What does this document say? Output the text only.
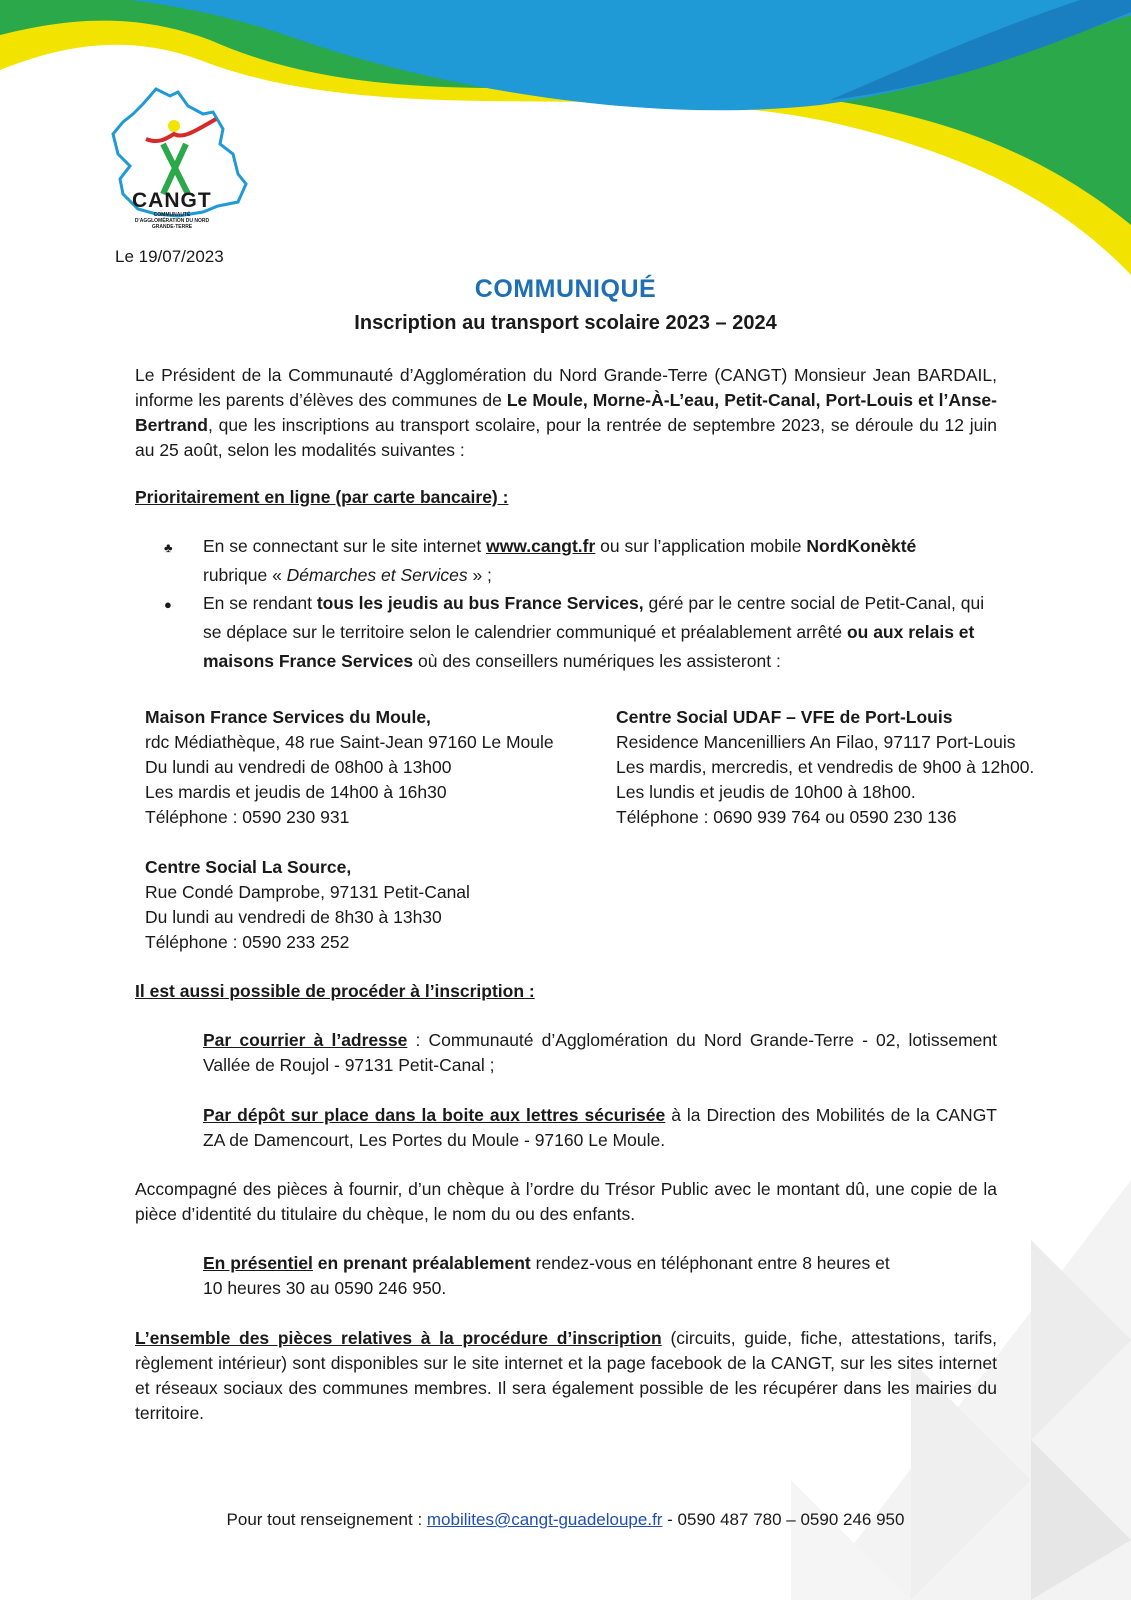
CANGT
COMMUNAUTÉ D'AGGLOMÉRATION DU NORD GRANDE-TERRE
Le 19/07/2023
COMMUNIQUÉ
Inscription au transport scolaire 2023 – 2024
Le Président de la Communauté d’Agglomération du Nord Grande-Terre (CANGT) Monsieur Jean BARDAIL, informe les parents d’élèves des communes de Le Moule, Morne-À-L’eau, Petit-Canal, Port-Louis et l’Anse-Bertrand, que les inscriptions au transport scolaire, pour la rentrée de septembre 2023, se déroule du 12 juin au 25 août, selon les modalités suivantes :
Prioritairement en ligne (par carte bancaire) :
♣ En se connectant sur le site internet www.cangt.fr ou sur l’application mobile NordKonèkté
rubrique « Démarches et Services » ;
● En se rendant tous les jeudis au bus France Services, géré par le centre social de Petit-Canal, qui se déplace sur le territoire selon le calendrier communiqué et préalablement arrêté ou aux relais et maisons France Services où des conseillers numériques les assisteront :
Maison France Services du Moule,
rdc Médiathèque, 48 rue Saint-Jean 97160 Le Moule
Du lundi au vendredi de 08h00 à 13h00
Les mardis et jeudis de 14h00 à 16h30
Téléphone : 0590 230 931
Centre Social UDAF – VFE de Port-Louis
Residence Mancenilliers An Filao, 97117 Port-Louis
Les mardis, mercredis, et vendredis de 9h00 à 12h00.
Les lundis et jeudis de 10h00 à 18h00.
Téléphone : 0690 939 764 ou 0590 230 136
Centre Social La Source,
Rue Condé Damprobe, 97131 Petit-Canal
Du lundi au vendredi de 8h30 à 13h30
Téléphone : 0590 233 252
Il est aussi possible de procéder à l’inscription :
Par courrier à l’adresse : Communauté d’Agglomération du Nord Grande-Terre - 02, lotissement Vallée de Roujol - 97131 Petit-Canal ;
Par dépôt sur place dans la boite aux lettres sécurisée à la Direction des Mobilités de la CANGT ZA de Damencourt, Les Portes du Moule - 97160 Le Moule.
Accompagné des pièces à fournir, d’un chèque à l’ordre du Trésor Public avec le montant dû, une copie de la pièce d’identité du titulaire du chèque, le nom du ou des enfants.
En présentiel en prenant préalablement rendez-vous en téléphonant entre 8 heures et
10 heures 30 au 0590 246 950.
L’ensemble des pièces relatives à la procédure d’inscription (circuits, guide, fiche, attestations, tarifs, règlement intérieur) sont disponibles sur le site internet et la page facebook de la CANGT, sur les sites internet et réseaux sociaux des communes membres. Il sera également possible de les récupérer dans les mairies du territoire.
Pour tout renseignement : mobilites@cangt-guadeloupe.fr - 0590 487 780 – 0590 246 950
